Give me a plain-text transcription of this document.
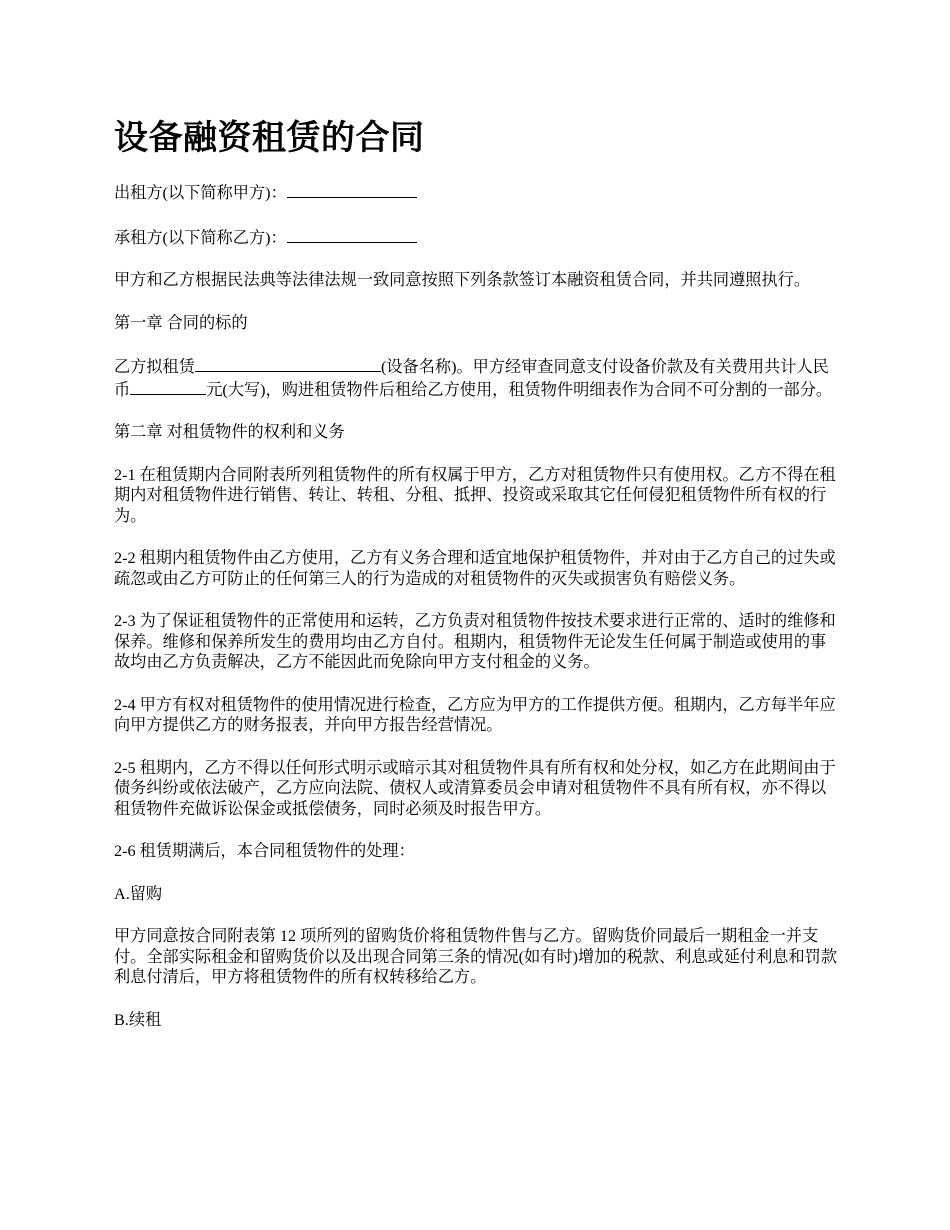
设备融资租赁的合同

出租方(以下简称甲方)：

承租方(以下简称乙方)：

甲方和乙方根据民法典等法律法规一致同意按照下列条款签订本融资租赁合同，并共同遵照执行。

第一章 合同的标的

乙方拟租赁	(设备名称)。甲方经审查同意支付设备价款及有关费用共计人民币	元(大写)，购进租赁物件后租给乙方使用，租赁物件明细表作为合同不可分割的一部分。

第二章 对租赁物件的权利和义务

2-1 在租赁期内合同附表所列租赁物件的所有权属于甲方，乙方对租赁物件只有使用权。乙方不得在租期内对租赁物件进行销售、转让、转租、分租、抵押、投资或采取其它任何侵犯租赁物件所有权的行为。

2-2 租期内租赁物件由乙方使用，乙方有义务合理和适宜地保护租赁物件，并对由于乙方自己的过失或疏忽或由乙方可防止的任何第三人的行为造成的对租赁物件的灭失或损害负有赔偿义务。

2-3 为了保证租赁物件的正常使用和运转，乙方负责对租赁物件按技术要求进行正常的、适时的维修和保养。维修和保养所发生的费用均由乙方自付。租期内，租赁物件无论发生任何属于制造或使用的事故均由乙方负责解决，乙方不能因此而免除向甲方支付租金的义务。

2-4 甲方有权对租赁物件的使用情况进行检查，乙方应为甲方的工作提供方便。租期内，乙方每半年应向甲方提供乙方的财务报表，并向甲方报告经营情况。

2-5 租期内，乙方不得以任何形式明示或暗示其对租赁物件具有所有权和处分权，如乙方在此期间由于债务纠纷或依法破产，乙方应向法院、债权人或清算委员会申请对租赁物件不具有所有权，亦不得以租赁物件充做诉讼保金或抵偿债务，同时必须及时报告甲方。

2-6 租赁期满后，本合同租赁物件的处理：

A.留购

甲方同意按合同附表第 12 项所列的留购货价将租赁物件售与乙方。留购货价同最后一期租金一并支付。全部实际租金和留购货价以及出现合同第三条的情况(如有时)增加的税款、利息或延付利息和罚款利息付清后，甲方将租赁物件的所有权转移给乙方。

B.续租
